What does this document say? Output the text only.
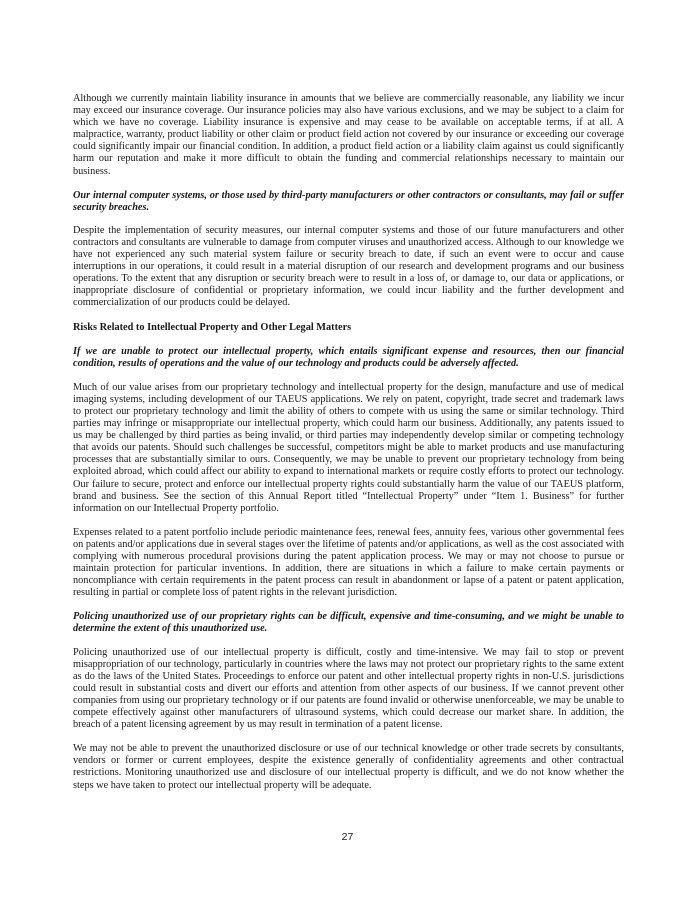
Although we currently maintain liability insurance in amounts that we believe are commercially reasonable, any liability we incur may exceed our insurance coverage. Our insurance policies may also have various exclusions, and we may be subject to a claim for which we have no coverage. Liability insurance is expensive and may cease to be available on acceptable terms, if at all. A malpractice, warranty, product liability or other claim or product field action not covered by our insurance or exceeding our coverage could significantly impair our financial condition. In addition, a product field action or a liability claim against us could significantly harm our reputation and make it more difficult to obtain the funding and commercial relationships necessary to maintain our business.

Our internal computer systems, or those used by third-party manufacturers or other contractors or consultants, may fail or suffer security breaches.

Despite the implementation of security measures, our internal computer systems and those of our future manufacturers and other contractors and consultants are vulnerable to damage from computer viruses and unauthorized access. Although to our knowledge we have not experienced any such material system failure or security breach to date, if such an event were to occur and cause interruptions in our operations, it could result in a material disruption of our research and development programs and our business operations. To the extent that any disruption or security breach were to result in a loss of, or damage to, our data or applications, or inappropriate disclosure of confidential or proprietary information, we could incur liability and the further development and commercialization of our products could be delayed.

Risks Related to Intellectual Property and Other Legal Matters

If we are unable to protect our intellectual property, which entails significant expense and resources, then our financial condition, results of operations and the value of our technology and products could be adversely affected.

Much of our value arises from our proprietary technology and intellectual property for the design, manufacture and use of medical imaging systems, including development of our TAEUS applications. We rely on patent, copyright, trade secret and trademark laws to protect our proprietary technology and limit the ability of others to compete with us using the same or similar technology. Third parties may infringe or misappropriate our intellectual property, which could harm our business. Additionally, any patents issued to us may be challenged by third parties as being invalid, or third parties may independently develop similar or competing technology that avoids our patents. Should such challenges be successful, competitors might be able to market products and use manufacturing processes that are substantially similar to ours. Consequently, we may be unable to prevent our proprietary technology from being exploited abroad, which could affect our ability to expand to international markets or require costly efforts to protect our technology. Our failure to secure, protect and enforce our intellectual property rights could substantially harm the value of our TAEUS platform, brand and business. See the section of this Annual Report titled “Intellectual Property” under “Item 1. Business” for further information on our Intellectual Property portfolio.

Expenses related to a patent portfolio include periodic maintenance fees, renewal fees, annuity fees, various other governmental fees on patents and/or applications due in several stages over the lifetime of patents and/or applications, as well as the cost associated with complying with numerous procedural provisions during the patent application process. We may or may not choose to pursue or maintain protection for particular inventions. In addition, there are situations in which a failure to make certain payments or noncompliance with certain requirements in the patent process can result in abandonment or lapse of a patent or patent application, resulting in partial or complete loss of patent rights in the relevant jurisdiction.

Policing unauthorized use of our proprietary rights can be difficult, expensive and time-consuming, and we might be unable to determine the extent of this unauthorized use.

Policing unauthorized use of our intellectual property is difficult, costly and time-intensive. We may fail to stop or prevent misappropriation of our technology, particularly in countries where the laws may not protect our proprietary rights to the same extent as do the laws of the United States. Proceedings to enforce our patent and other intellectual property rights in non-U.S. jurisdictions could result in substantial costs and divert our efforts and attention from other aspects of our business. If we cannot prevent other companies from using our proprietary technology or if our patents are found invalid or otherwise unenforceable, we may be unable to compete effectively against other manufacturers of ultrasound systems, which could decrease our market share. In addition, the breach of a patent licensing agreement by us may result in termination of a patent license.

We may not be able to prevent the unauthorized disclosure or use of our technical knowledge or other trade secrets by consultants, vendors or former or current employees, despite the existence generally of confidentiality agreements and other contractual restrictions. Monitoring unauthorized use and disclosure of our intellectual property is difficult, and we do not know whether the steps we have taken to protect our intellectual property will be adequate.

27
